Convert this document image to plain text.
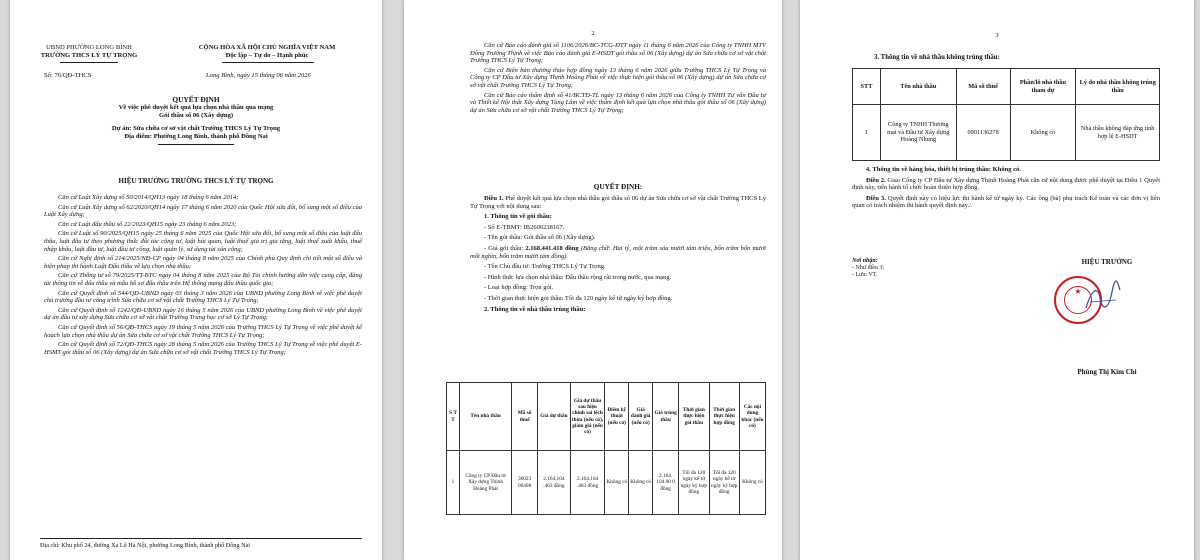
UBND PHƯỜNG LONG BÌNH
TRƯỜNG THCS LÝ TỰ TRỌNG
CỘNG HÒA XÃ HỘI CHỦ NGHĨA VIỆT NAM
Độc lập – Tự do – Hạnh phúc
Số: 76/QĐ-THCS	Long Bình, ngày 15 tháng 06 năm 2026
QUYẾT ĐỊNH
Về việc phê duyệt kết quả lựa chọn nhà thầu qua mạng
Gói thầu số 06 (Xây dựng)
Dự án: Sửa chữa cơ sở vật chất Trường THCS Lý Tự Trọng
Địa điểm: Phường Long Bình, thành phố Đồng Nai
HIỆU TRƯỞNG TRƯỜNG THCS LÝ TỰ TRỌNG

Căn cứ Luật Xây dựng số 50/2014/QH13 ngày 18 tháng 6 năm 2014;

Căn cứ Luật Xây dựng số 62/2020/QH14 ngày 17 tháng 6 năm 2020 của Quốc Hội sửa đổi, bổ sung một số điều của Luật Xây dựng;

Căn cứ Luật đấu thầu số 22/2023/QH15 ngày 23 tháng 6 năm 2023;

Căn cứ Luật số 90/2025/QH15 ngày 25 tháng 6 năm 2025 của Quốc Hội sửa đổi, bổ sung một số điều của luật đấu thầu, luật đầu tư theo phương thức đối tác công tư, luật hải quan, luật thuế giá trị gia tăng, luật thuế xuất khẩu, thuế nhập khẩu, luật đầu tư, luật đầu tư công, luật quản lý, sử dụng tài sản công;

Căn cứ Nghị định số 214/2025/NĐ-CP ngày 04 tháng 8 năm 2025 của Chính phủ Quy định chi tiết một số điều và biện pháp thi hành Luật Đấu thầu về lựa chọn nhà thầu;

Căn cứ Thông tư số 79/2025/TT-BTC ngày 04 tháng 8 năm 2025 của Bộ Tài chính hướng dẫn việc cung cấp, đăng tải thông tin về đấu thầu và mẫu hồ sơ đấu thầu trên Hệ thống mạng đấu thầu quốc gia;

Căn cứ Quyết định số 544/QĐ-UBND ngày 03 tháng 3 năm 2026 của UBND phường Long Bình về việc phê duyệt chủ trương đầu tư công trình Sửa chữa cơ sở vật chất Trường THCS Lý Tự Trọng;

Căn cứ Quyết định số 1242/QĐ-UBND ngày 16 tháng 5 năm 2026 của UBND phường Long Bình về việc phê duyệt dự án đầu tư xây dựng Sửa chữa cơ sở vật chất Trường Trung học cơ sở Lý Tự Trọng;

Căn cứ Quyết định số 56/QĐ-THCS ngày 19 tháng 5 năm 2026 của Trường THCS Lý Tự Trọng về việc phê duyệt kế hoạch lựa chọn nhà thầu dự án Sửa chữa cơ sở vật chất Trường THCS Lý Tự Trọng;

Căn cứ Quyết định số 72/QĐ-THCS ngày 28 tháng 5 năm 2026 của Trường THCS Lý Tự Trọng về việc phê duyệt E-HSMT gói thầu số 06 (Xây dựng) dự án Sửa chữa cơ sở vật chất Trường THCS Lý Tự Trọng;

Địa chỉ: Khu phố 24, đường Xa Lộ Hà Nội, phường Long Bình, thành phố Đồng Nai
2

Căn cứ Báo cáo đánh giá số 1106/2026/BC-TCG-ĐTT ngày 11 tháng 6 năm 2026 của Công ty TNHH MTV Đông Trường Thịnh về việc Báo cáo đánh giá E-HSDT gói thầu số 06 (Xây dựng) dự án Sửa chữa cơ sở vật chất Trường THCS Lý Tự Trọng;

Căn cứ Biên bản thương thảo hợp đồng ngày 13 tháng 6 năm 2026 giữa Trường THCS Lý Tự Trọng và Công ty CP Đầu tư Xây dựng Thịnh Hoàng Phát về việc thực hiện gói thầu số 06 (Xây dựng) dự án Sửa chữa cơ sở vật chất Trường THCS Lý Tự Trọng;

Căn cứ Báo cáo thẩm định số 41/BCTĐ-TL ngày 13 tháng 6 năm 2026 của Công ty TNHH Tư vấn Đầu tư và Thiết kế Nội thất Xây dựng Tùng Lâm về việc thẩm định kết quả lựa chọn nhà thầu gói thầu số 06 (Xây dựng) dự án Sửa chữa cơ sở vật chất Trường THCS Lý Tự Trọng;

QUYẾT ĐỊNH:

Điều 1. Phê duyệt kết quả lựa chọn nhà thầu gói thầu số 06 dự án Sửa chữa cơ sở vật chất Trường THCS Lý Tự Trọng với nội dung sau:

1. Thông tin về gói thầu:

- Số E-TBMT: IB2600238167.

- Tên gói thầu: Gói thầu số 06 (Xây dựng).

- Giá gói thầu: 2.168.441.418 đồng (Bằng chữ: Hai tỷ, một trăm sáu mươi tám triệu, bốn trăm bốn mươi mốt nghìn, bốn trăm mười tám đồng).

- Tên Chủ đầu tư: Trường THCS Lý Tự Trọng.

- Hình thức lựa chọn nhà thầu: Đấu thầu rộng rãi trong nước, qua mạng.

- Loại hợp đồng: Trọn gói.

- Thời gian thực hiện gói thầu: Tối đa 120 ngày kể từ ngày ký hợp đồng.

2. Thông tin về nhà thầu trúng thầu:

S T T	Tên nhà thầu	Mã số thuế	Giá dự thầu	Giá dự thầu sau hiệu chỉnh sai lệch thừa (nếu có), giảm giá (nếu có)	Điểm kỹ thuật (nếu có)	Giá đánh giá (nếu có)	Giá trúng thầu	Thời gian thực hiện gói thầu	Thời gian thực hiện hợp đồng	Các nội dung khác (nếu có)
1	Công ty CP Đầu tư Xây dựng Thịnh Hoàng Phát	36023 00408	2.164.104 .463 đồng	2.164.104 .463 đồng	Không có	Không có	2.164. 104.00 0 đồng	Tối đa 120 ngày kể từ ngày ký hợp đồng	Tối đa 120 ngày kể từ ngày ký hợp đồng	Không có
3
3. Thông tin về nhà thầu không trúng thầu:
STT	Tên nhà thầu	Mã số thuế	Phần/lô nhà thầu tham dự	Lý do nhà thầu không trúng thầu
1	Công ty TNHH Thương mại và Đầu tư Xây dựng Hoàng Nhung	0901136278	Không có	Nhà thầu không đáp ứng tính hợp lệ E-HSDT

4. Thông tin về hàng hóa, thiết bị trúng thầu: Không có.

Điều 2. Giao Công ty CP Đầu tư Xây dựng Thịnh Hoàng Phát căn cứ nội dung được phê duyệt tại Điều 1 Quyết định này, tiến hành tổ chức hoàn thiện hợp đồng.

Điều 3. Quyết định này có hiệu lực thi hành kể từ ngày ký. Các ông (bà) phụ trách Kế toán và các đơn vị liên quan có trách nhiệm thi hành quyết định này./.

Nơi nhận:
- Như điều 3;
- Lưu: VT.
HIỆU TRƯỞNG
★
Phùng Thị Kim Chi
